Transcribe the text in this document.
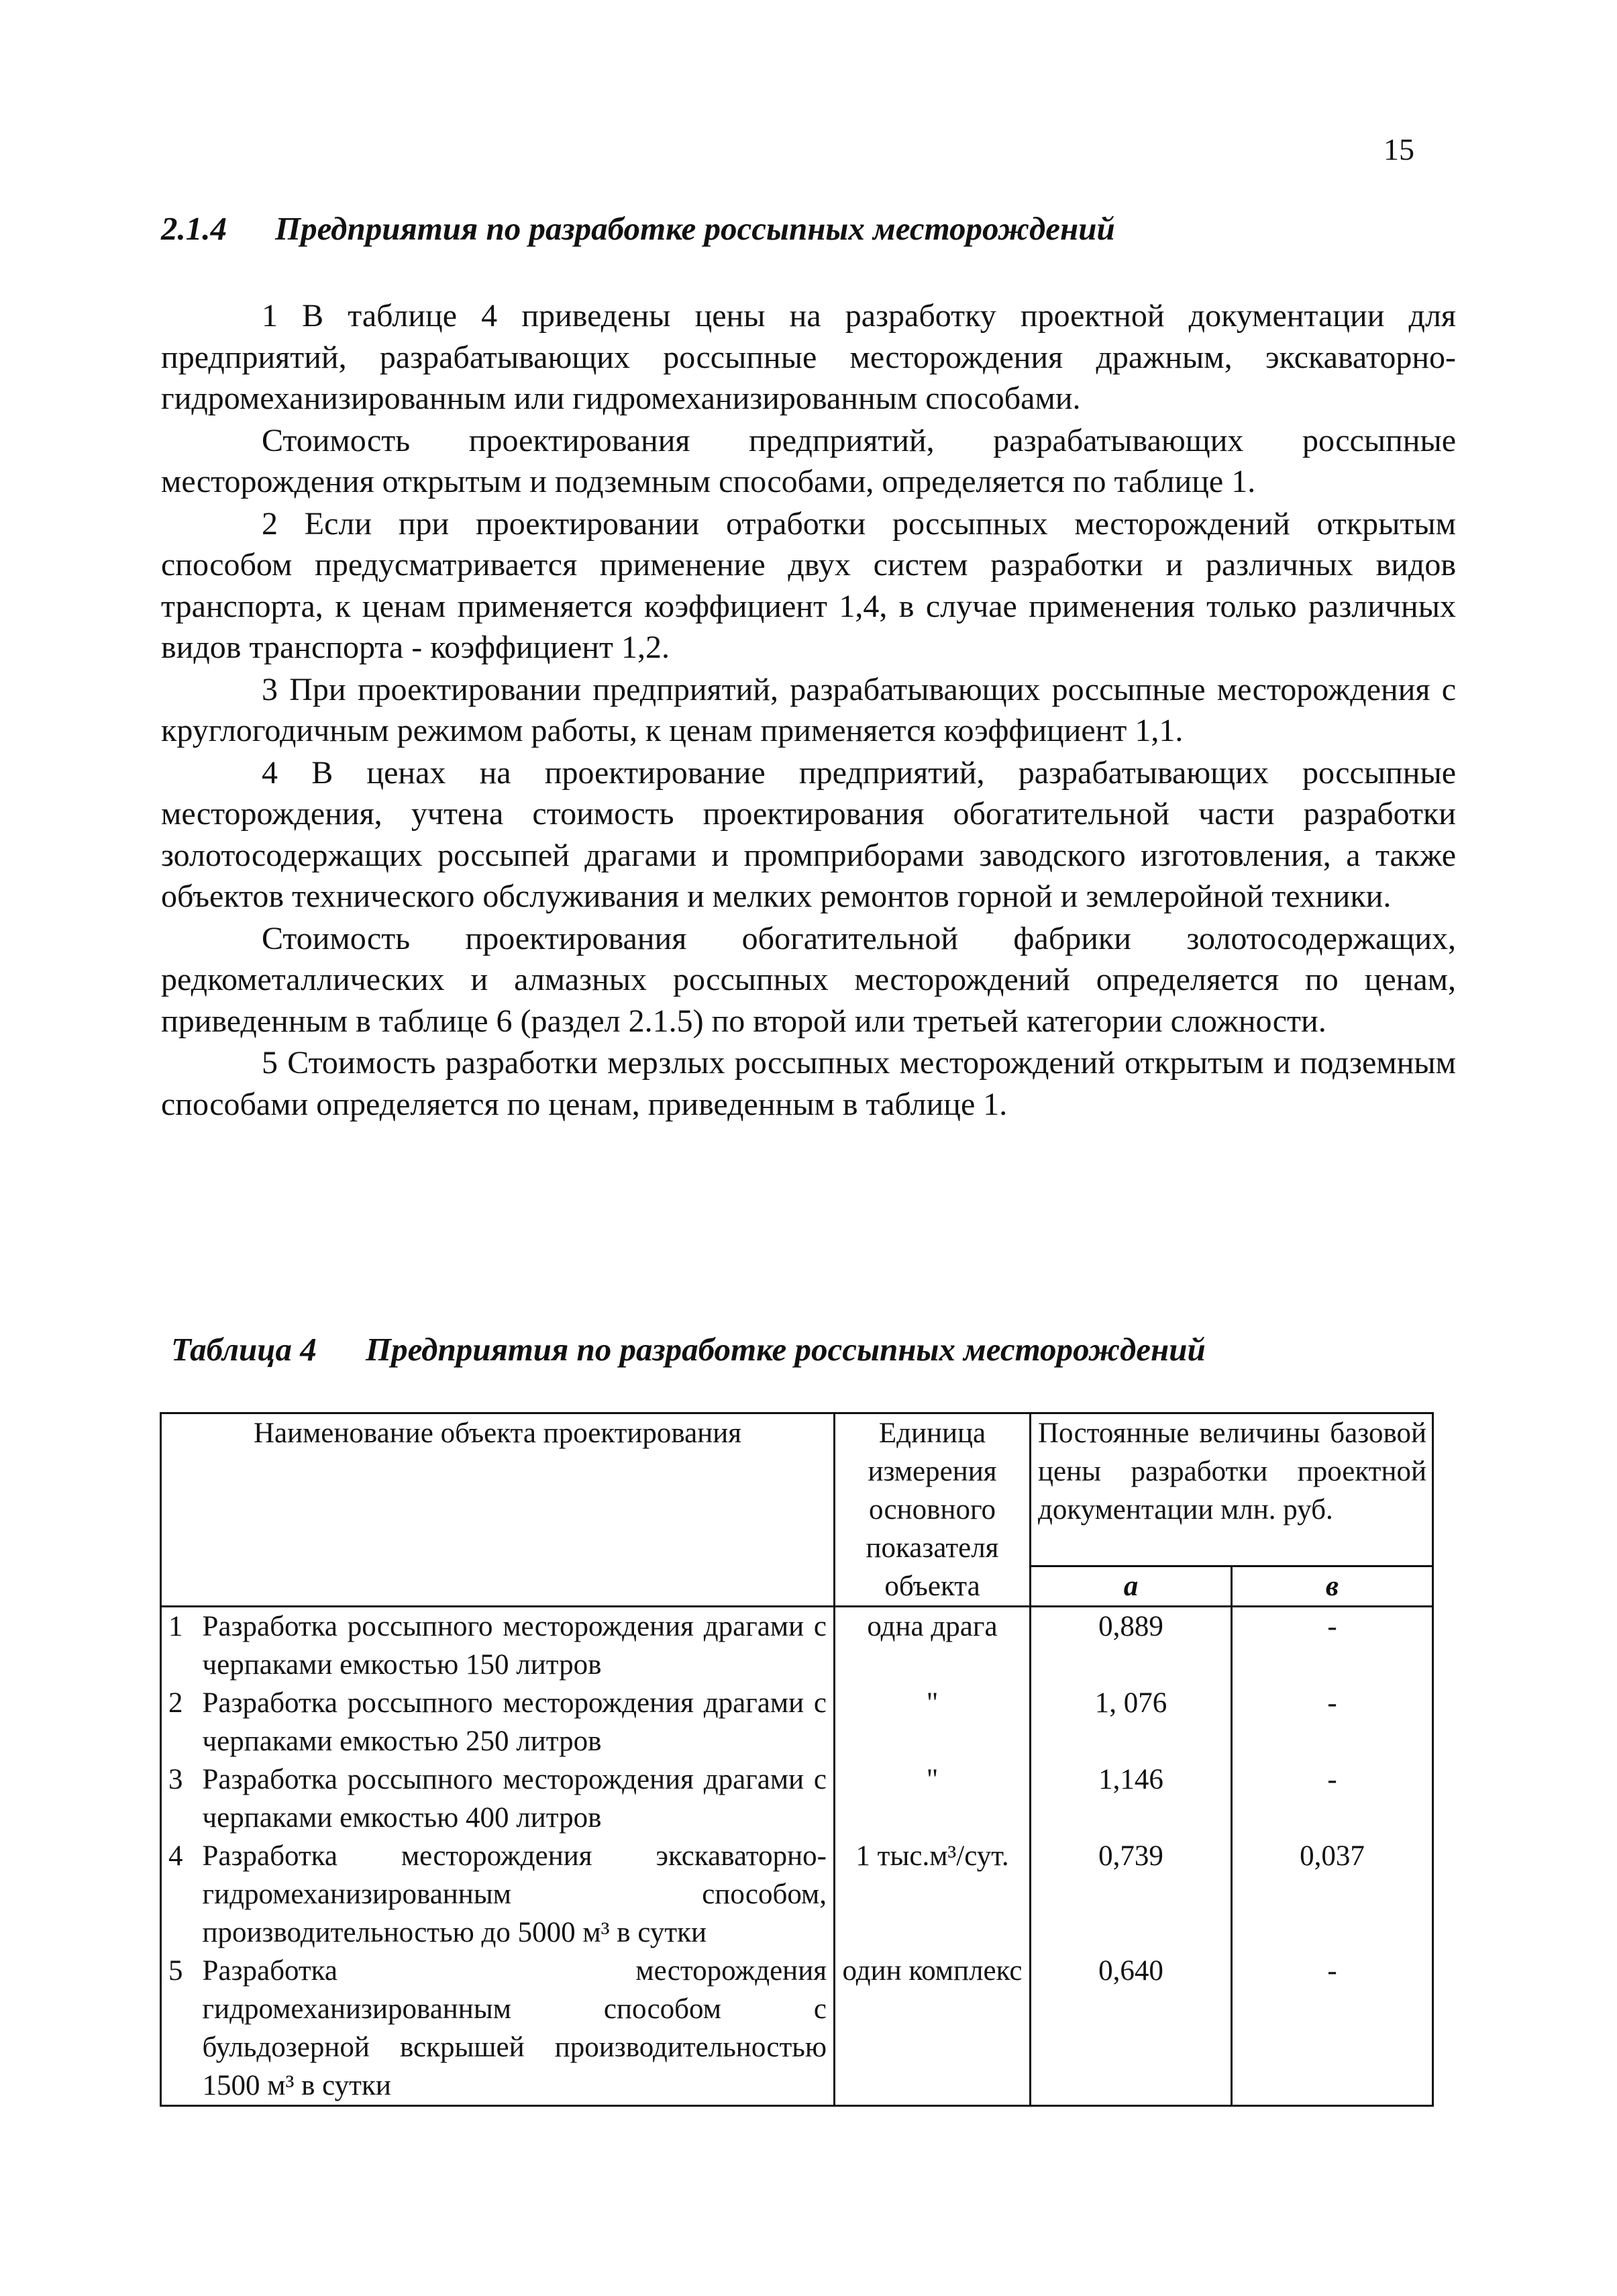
15
2.1.4 Предприятия по разработке россыпных месторождений

1 В таблице 4 приведены цены на разработку проектной документации для предприятий, разрабатывающих россыпные месторождения дражным, экскаваторно-гидромеханизированным или гидромеханизированным способами.

Стоимость проектирования предприятий, разрабатывающих россыпные месторождения открытым и подземным способами, определяется по таблице 1.

2 Если при проектировании отработки россыпных месторождений открытым способом предусматривается применение двух систем разработки и различных видов транспорта, к ценам применяется коэффициент 1,4, в случае применения только различных видов транспорта - коэффициент 1,2.

3 При проектировании предприятий, разрабатывающих россыпные месторождения с круглогодичным режимом работы, к ценам применяется коэффициент 1,1.

4 В ценах на проектирование предприятий, разрабатывающих россыпные месторождения, учтена стоимость проектирования обогатительной части разработки золотосодержащих россыпей драгами и промприборами заводского изготовления, а также объектов технического обслуживания и мелких ремонтов горной и землеройной техники.

Стоимость проектирования обогатительной фабрики золотосодержащих, редкометаллических и алмазных россыпных месторождений определяется по ценам, приведенным в таблице 6 (раздел 2.1.5) по второй или третьей категории сложности.

5 Стоимость разработки мерзлых россыпных месторождений открытым и подземным способами определяется по ценам, приведенным в таблице 1.

Таблица 4 Предприятия по разработке россыпных месторождений
Наименование объекта проектирования		Единица измерения основного показателя объекта	Постоянные величины базовой цены разработки проектной документации млн. руб.	
			а	в
1	Разработка россыпного месторождения драгами с черпаками емкостью 150 литров	одна драга	0,889	-
2	Разработка россыпного месторождения драгами с черпаками емкостью 250 литров	"	1, 076	-
3	Разработка россыпного месторождения драгами с черпаками емкостью 400 литров	"	1,146	-
4	Разработка месторождения экскаваторно-гидромеханизированным способом, производительностью до 5000 м³ в сутки	1 тыс.м³/сут.	0,739	0,037
5	Разработка месторождения гидромеханизированным способом с бульдозерной вскрышей производительностью 1500 м³ в сутки	один комплекс	0,640	-
